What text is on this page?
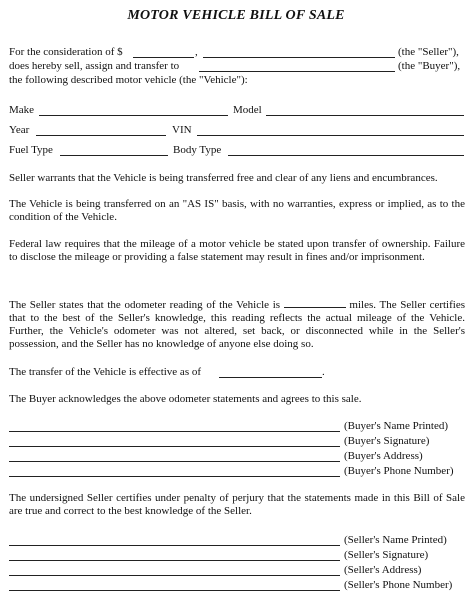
MOTOR VEHICLE BILL OF SALE
For the consideration of $	,	(the "Seller"),
does hereby sell, assign and transfer to	(the "Buyer"),
the following described motor vehicle (the "Vehicle"):
Make	Model
Year	VIN
Fuel Type	Body Type
Seller warrants that the Vehicle is being transferred free and clear of any liens and encumbrances.
The Vehicle is being transferred on an "AS IS" basis, with no warranties, express or implied, as to the condition of the Vehicle.
Federal law requires that the mileage of a motor vehicle be stated upon transfer of ownership. Failure to disclose the mileage or providing a false statement may result in fines and/or imprisonment.
The Seller states that the odometer reading of the Vehicle is	miles. The Seller certifies that to the best of the Seller's knowledge, this reading reflects the actual mileage of the Vehicle. Further, the Vehicle's odometer was not altered, set back, or disconnected while in the Seller's possession, and the Seller has no knowledge of anyone else doing so.
The transfer of the Vehicle is effective as of	.
The Buyer acknowledges the above odometer statements and agrees to this sale.
(Buyer's Name Printed)
(Buyer's Signature)
(Buyer's Address)
(Buyer's Phone Number)
The undersigned Seller certifies under penalty of perjury that the statements made in this Bill of Sale are true and correct to the best knowledge of the Seller.
(Seller's Name Printed)
(Seller's Signature)
(Seller's Address)
(Seller's Phone Number)
